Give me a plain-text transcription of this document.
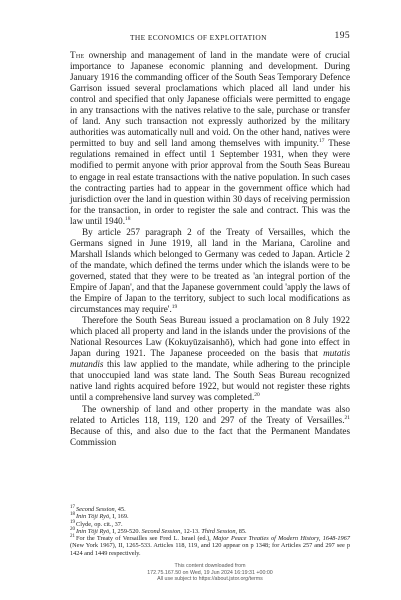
THE ECONOMICS OF EXPLOITATION	195

The ownership and management of land in the mandate were of crucial importance to Japanese economic planning and development. During January 1916 the commanding officer of the South Seas Temporary Defence Garrison issued several proclamations which placed all land under his control and specified that only Japanese officials were permitted to engage in any transactions with the natives relative to the sale, purchase or transfer of land. Any such transaction not expressly authorized by the military authorities was automatically null and void. On the other hand, natives were permitted to buy and sell land among themselves with impunity.$^{17}$ These regulations remained in effect until 1 September 1931, when they were modified to permit anyone with prior approval from the South Seas Bureau to engage in real estate transactions with the native population. In such cases the contracting parties had to appear in the government office which had jurisdiction over the land in question within 30 days of receiving permission for the transaction, in order to register the sale and contract. This was the law until 1940.18

By article 257 paragraph 2 of the Treaty of Versailles, which the Germans signed in June 1919, all land in the Mariana, Caroline and Marshall Islands which belonged to Germany was ceded to Japan. Article 2 of the mandate, which defined the terms under which the islands were to be governed, stated that they were to be treated as 'an integral portion of the Empire of Japan', and that the Japanese government could 'apply the laws of the Empire of Japan to the territory, subject to such local modifications as circumstances may require'.$^{19}$

Therefore the South Seas Bureau issued a proclamation on 8 July 1922 which placed all property and land in the islands under the provisions of the National Resources Law (Kokuyūzaisanhō), which had gone into effect in Japan during 1921. The Japanese proceeded on the basis that mutatis mutandis this law applied to the mandate, while adhering to the principle that unoccupied land was state land. The South Seas Bureau recognized native land rights acquired before 1922, but would not register these rights until a comprehensive land survey was completed.$^{20}$

The ownership of land and other property in the mandate was also related to Articles 118, 119, 120 and 297 of the Treaty of Versailles.$^{21}$ Because of this, and also due to the fact that the Permanent Mandates Commission

$^{17}$Second Session, 45.
$^{18}$Inin Tōji Ryō, I, 169.
$^{19}$Clyde, op. cit., 37.
$^{20}$Inin Tōji Ryō, I, 259-520. Second Session, 12-13. Third Session, 85.
$^{21}$For the Treaty of Versailles see Fred L. Israel (ed.), Major Peace Treaties of Modern History, 1648-1967 (New York 1967), II, 1265-533. Articles 118, 119, and 120 appear on p 1348; for Articles 257 and 297 see p 1424 and 1449 respectively.
This content downloaded from
172.75.167.50 on Wed, 19 Jun 2024 16:19:31 +00:00
All use subject to https://about.jstor.org/terms
